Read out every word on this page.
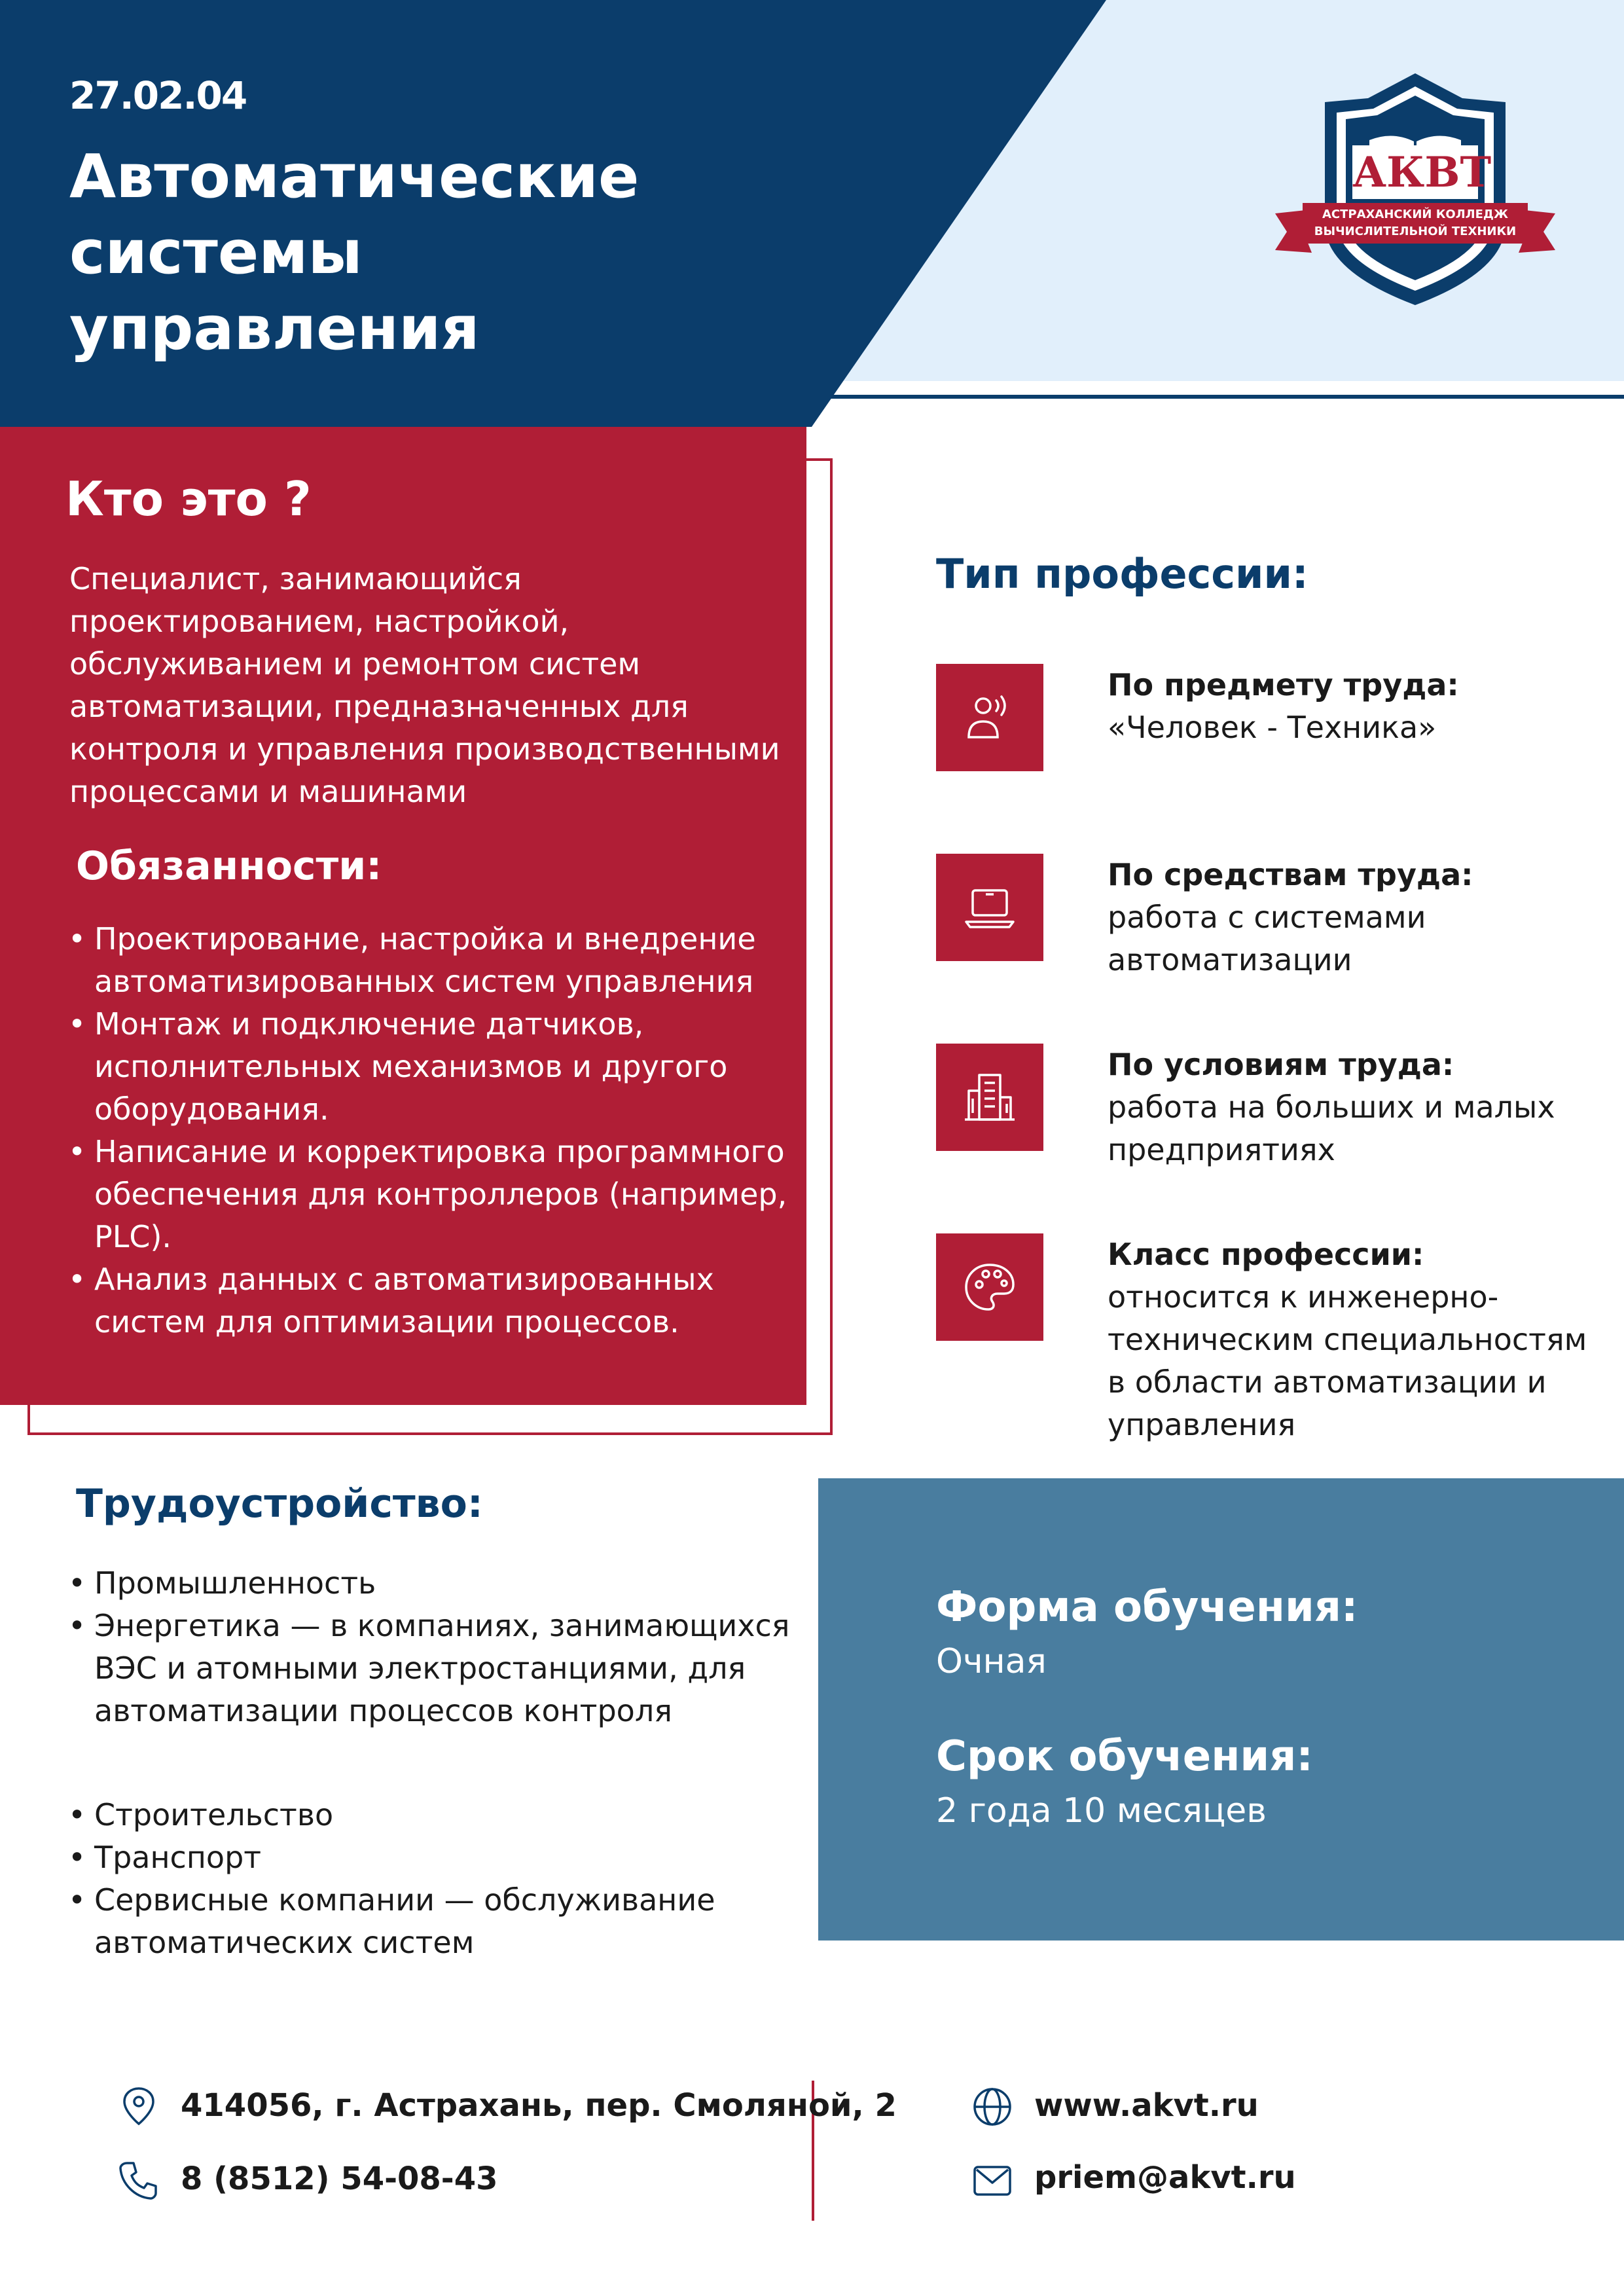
27.02.04
Автоматические
системы
управления
АКВТ
АСТРАХАНСКИЙ КОЛЛЕДЖ
ВЫЧИСЛИТЕЛЬНОЙ ТЕХНИКИ
Кто это ?
Специалист, занимающийся проектированием, настройкой, обслуживанием и ремонтом систем автоматизации, предназначенных для контроля и управления производственными процессами и машинами
Обязанности:
• Проектирование, настройка и внедрение автоматизированных систем управления
• Монтаж и подключение датчиков, исполнительных механизмов и другого оборудования.
• Написание и корректировка программного обеспечения для контроллеров (например, PLC).
• Анализ данных с автоматизированных систем для оптимизации процессов.
Тип профессии:
По предмету труда:
«Человек - Техника»
По средствам труда:
работа с системами автоматизации
По условиям труда:
работа на больших и малых предприятиях
Класс профессии:
относится к инженерно-техническим специальностям в области автоматизации и управления
Трудоустройство:
• Промышленность
• Энергетика — в компаниях, занимающихся ВЭС и атомными электростанциями, для автоматизации процессов контроля
• Строительство
• Транспорт
• Сервисные компании — обслуживание автоматических систем
Форма обучения:
Очная
Срок обучения:
2 года 10 месяцев
414056, г. Астрахань, пер. Смоляной, 2
8 (8512) 54-08-43
www.akvt.ru
priem@akvt.ru
